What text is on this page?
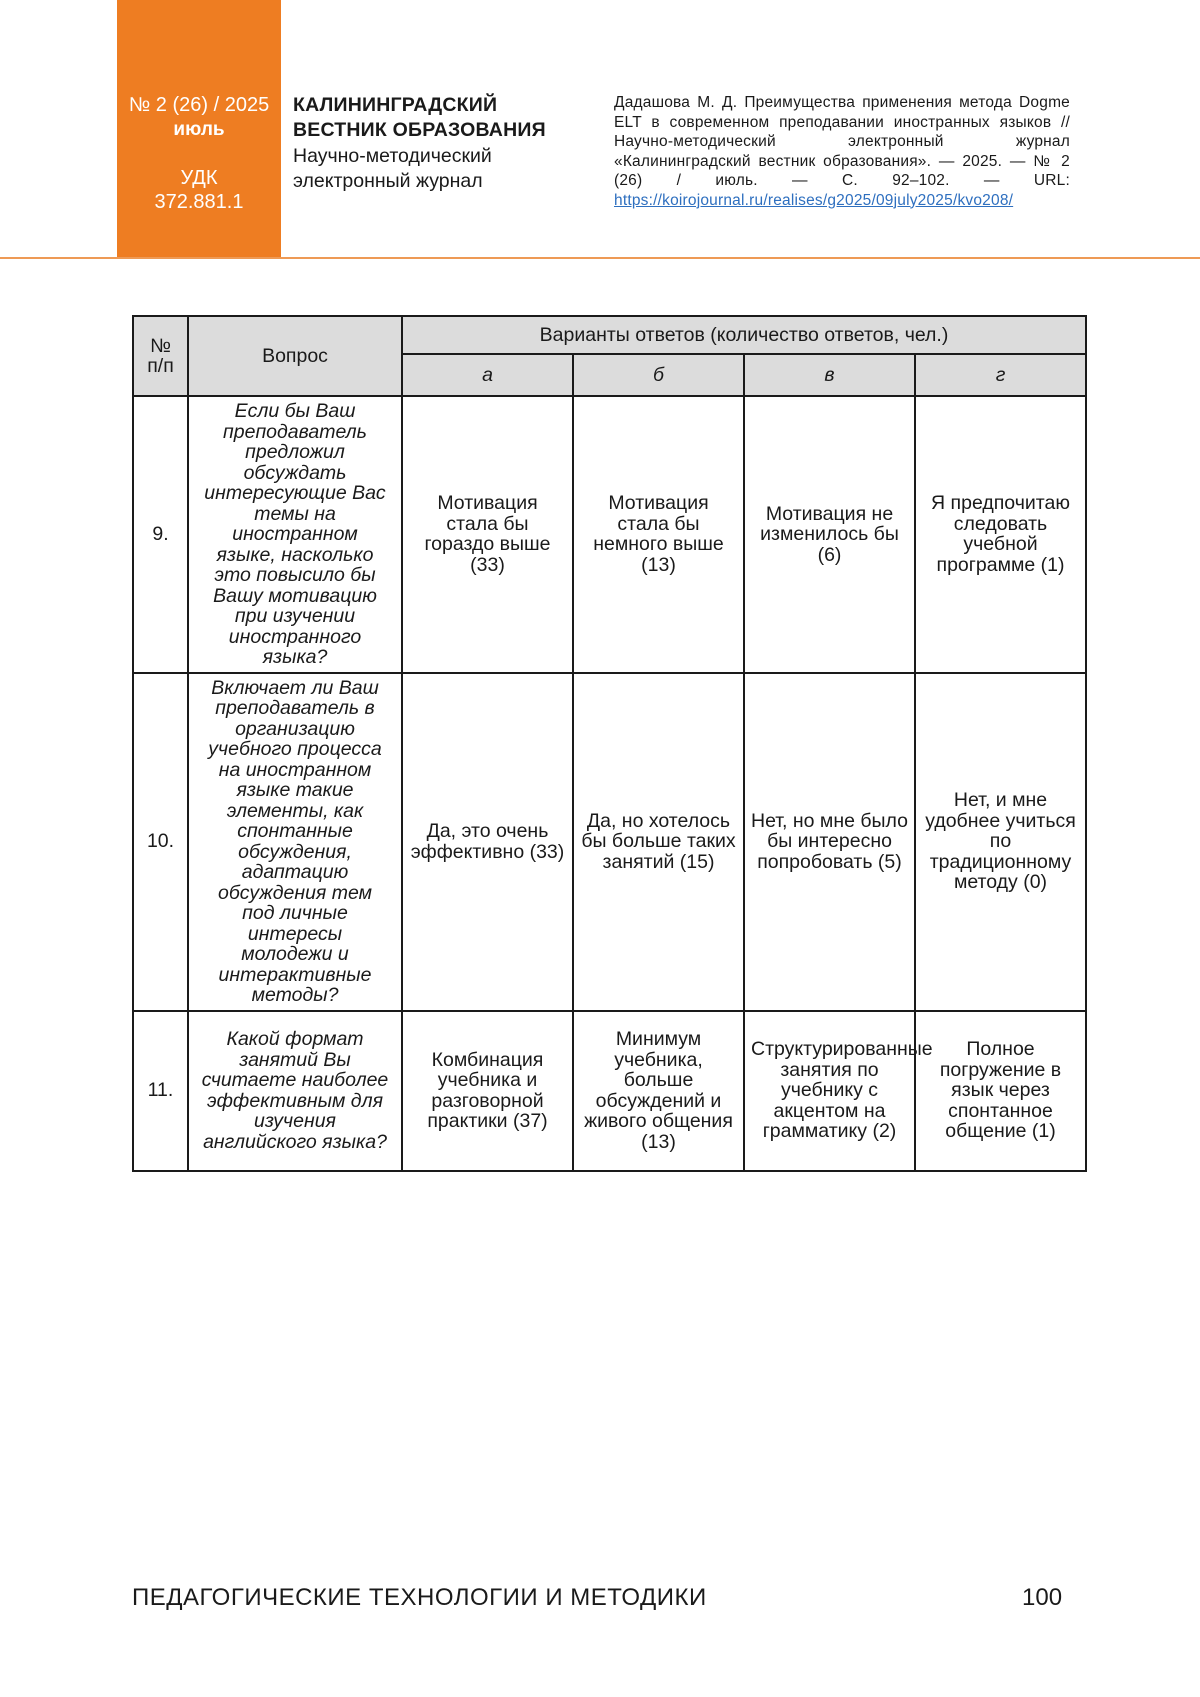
№ 2 (26) / 2025
июль
УДК
372.881.1
КАЛИНИНГРАДСКИЙ
ВЕСТНИК ОБРАЗОВАНИЯ
Научно-методический
электронный журнал
Дадашова М. Д. Преимущества применения метода Dogme ELT в современном преподавании иностранных языков // Научно-методический электронный журнал «Калининградский вестник образования». — 2025. — № 2 (26) / июль. — С. 92–102. — URL: https://koirojournal.ru/realises/g2025/09july2025/kvo208/
№ п/п	Вопрос	Варианты ответов (количество ответов, чел.)
а	б	в	г
9.	Если бы Ваш преподаватель предложил обсуждать интересующие Вас темы на иностранном языке, насколько это повысило бы Вашу мотивацию при изучении иностранного языка?	Мотивация стала бы гораздо выше (33)	Мотивация стала бы немного выше (13)	Мотивация не изменилось бы (6)	Я предпочитаю следовать учебной программе (1)
10.	Включает ли Ваш преподаватель в организацию учебного процесса на иностранном языке такие элементы, как спонтанные обсуждения, адаптацию обсуждения тем под личные интересы молодежи и интерактивные методы?	Да, это очень эффективно (33)	Да, но хотелось бы больше таких занятий (15)	Нет, но мне было бы интересно попробовать (5)	Нет, и мне удобнее учиться по традиционному методу (0)
11.	Какой формат занятий Вы считаете наиболее эффективным для изучения английского языка?	Комбинация учебника и разговорной практики (37)	Минимум учебника, больше обсуждений и живого общения (13)	Структурированные занятия по учебнику с акцентом на грамматику (2)	Полное погружение в язык через спонтанное общение (1)
ПЕДАГОГИЧЕСКИЕ ТЕХНОЛОГИИ И МЕТОДИКИ	100
